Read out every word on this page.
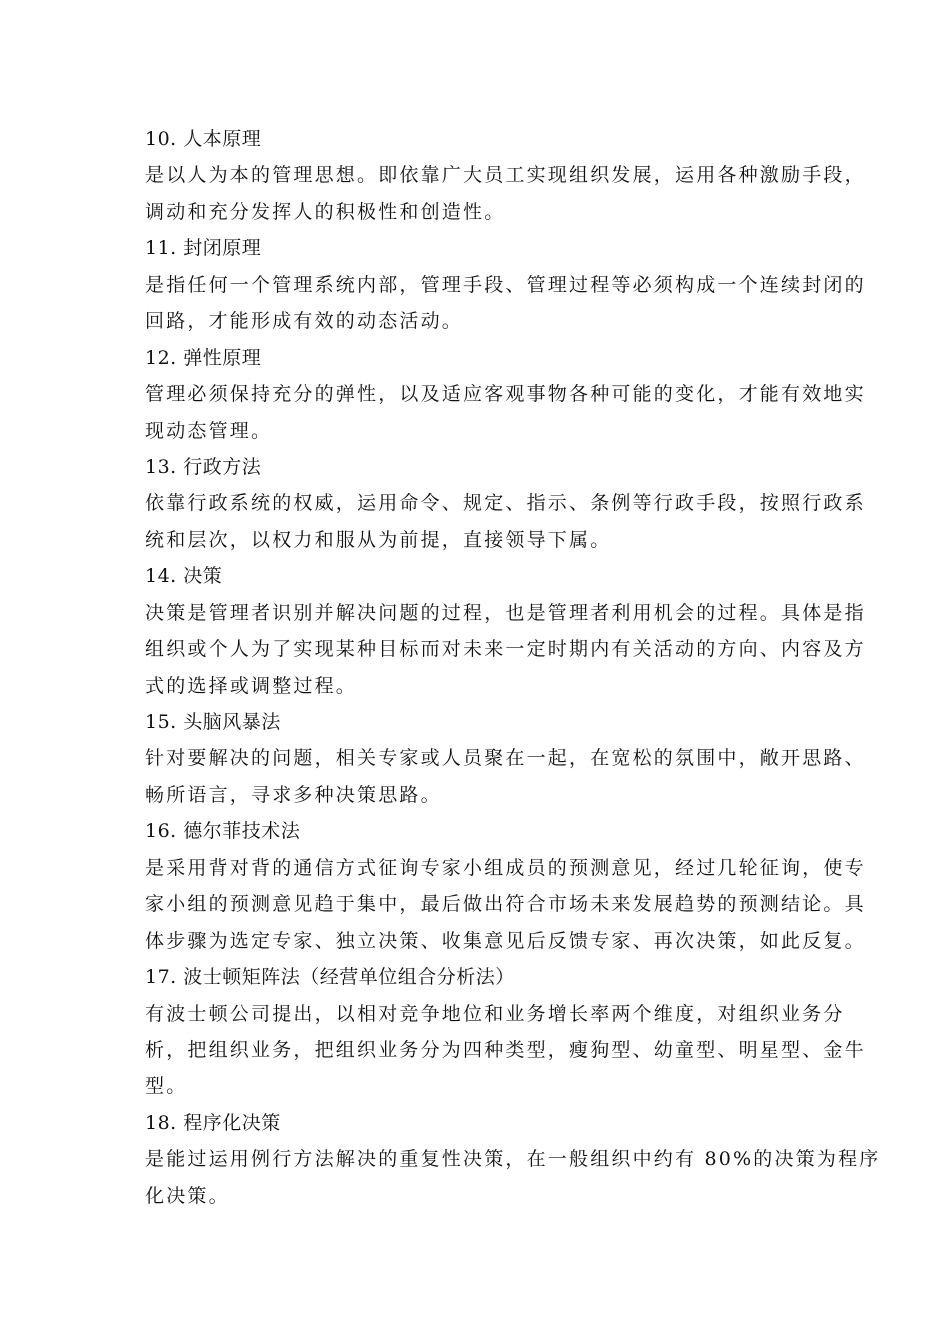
10. 人本原理
是以人为本的管理思想。即依靠广大员工实现组织发展，运用各种激励手段，
调动和充分发挥人的积极性和创造性。
11. 封闭原理
是指任何一个管理系统内部，管理手段、管理过程等必须构成一个连续封闭的
回路，才能形成有效的动态活动。
12. 弹性原理
管理必须保持充分的弹性，以及适应客观事物各种可能的变化，才能有效地实
现动态管理。
13. 行政方法
依靠行政系统的权威，运用命令、规定、指示、条例等行政手段，按照行政系
统和层次，以权力和服从为前提，直接领导下属。
14. 决策
决策是管理者识别并解决问题的过程，也是管理者利用机会的过程。具体是指
组织或个人为了实现某种目标而对未来一定时期内有关活动的方向、内容及方
式的选择或调整过程。
15. 头脑风暴法
针对要解决的问题，相关专家或人员聚在一起，在宽松的氛围中，敞开思路、
畅所语言，寻求多种决策思路。
16. 德尔菲技术法
是采用背对背的通信方式征询专家小组成员的预测意见，经过几轮征询，使专
家小组的预测意见趋于集中，最后做出符合市场未来发展趋势的预测结论。具
体步骤为选定专家、独立决策、收集意见后反馈专家、再次决策，如此反复。
17. 波士顿矩阵法（经营单位组合分析法）
有波士顿公司提出，以相对竞争地位和业务增长率两个维度，对组织业务分
析，把组织业务，把组织业务分为四种类型，瘦狗型、幼童型、明星型、金牛
型。
18. 程序化决策
是能过运用例行方法解决的重复性决策，在一般组织中约有 80%的决策为程序
化决策。
